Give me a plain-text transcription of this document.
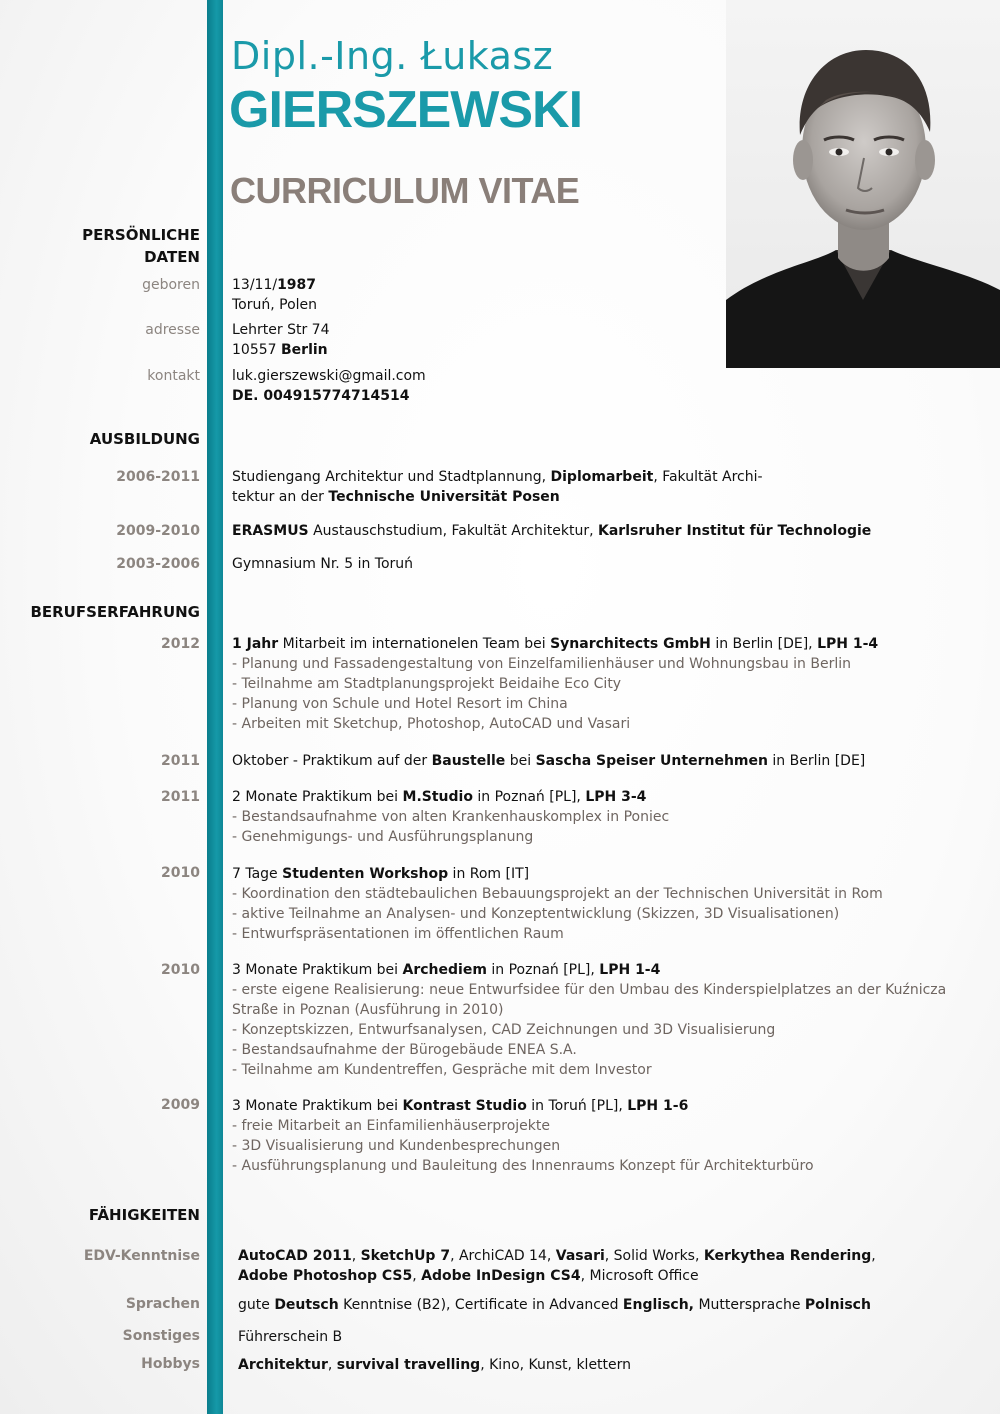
Dipl.-Ing. Łukasz
GIERSZEWSKI
CURRICULUM VITAE
PERSÖNLICHE DATEN
geboren 13/11/1987
Toruń, Polen
adresse Lehrter Str 74
10557 Berlin
kontakt luk.gierszewski@gmail.com
DE. 004915774714514
AUSBILDUNG
2006-2011 Studiengang Architektur und Stadtplannung, Diplomarbeit, Fakultät Archi-
tektur an der Technische Universität Posen
2009-2010 ERASMUS Austauschstudium, Fakultät Architektur, Karlsruher Institut für Technologie
2003-2006 Gymnasium Nr. 5 in Toruń
BERUFSERFAHRUNG
2012 1 Jahr Mitarbeit im internationelen Team bei Synarchitects GmbH in Berlin [DE], LPH 1-4
- Planung und Fassadengestaltung von Einzelfamilienhäuser und Wohnungsbau in Berlin
- Teilnahme am Stadtplanungsprojekt Beidaihe Eco City
- Planung von Schule und Hotel Resort im China
- Arbeiten mit Sketchup, Photoshop, AutoCAD und Vasari
2011 Oktober - Praktikum auf der Baustelle bei Sascha Speiser Unternehmen in Berlin [DE]
2011 2 Monate Praktikum bei M.Studio in Poznań [PL], LPH 3-4
- Bestandsaufnahme von alten Krankenhauskomplex in Poniec
- Genehmigungs- und Ausführungsplanung
2010 7 Tage Studenten Workshop in Rom [IT]
- Koordination den städtebaulichen Bebauungsprojekt an der Technischen Universität in Rom
- aktive Teilnahme an Analysen- und Konzeptentwicklung (Skizzen, 3D Visualisationen)
- Entwurfspräsentationen im öffentlichen Raum
2010 3 Monate Praktikum bei Archediem in Poznań [PL], LPH 1-4
- erste eigene Realisierung: neue Entwurfsidee für den Umbau des Kinderspielplatzes an der Kuźnicza
Straße in Poznan (Ausführung in 2010)
- Konzeptskizzen, Entwurfsanalysen, CAD Zeichnungen und 3D Visualisierung
- Bestandsaufnahme der Bürogebäude ENEA S.A.
- Teilnahme am Kundentreffen, Gespräche mit dem Investor
2009 3 Monate Praktikum bei Kontrast Studio in Toruń [PL], LPH 1-6
- freie Mitarbeit an Einfamilienhäuserprojekte
- 3D Visualisierung und Kundenbesprechungen
- Ausführungsplanung und Bauleitung des Innenraums Konzept für Architekturbüro
FÄHIGKEITEN
EDV-Kenntnise	AutoCAD 2011, SketchUp 7, ArchiCAD 14, Vasari, Solid Works, Kerkythea Rendering,
Adobe Photoshop CS5, Adobe InDesign CS4, Microsoft Office
Sprachen	gute Deutsch Kenntnise (B2), Certificate in Advanced Englisch, Muttersprache Polnisch
Sonstiges	Führerschein B
Hobbys	Architektur, survival travelling, Kino, Kunst, klettern
